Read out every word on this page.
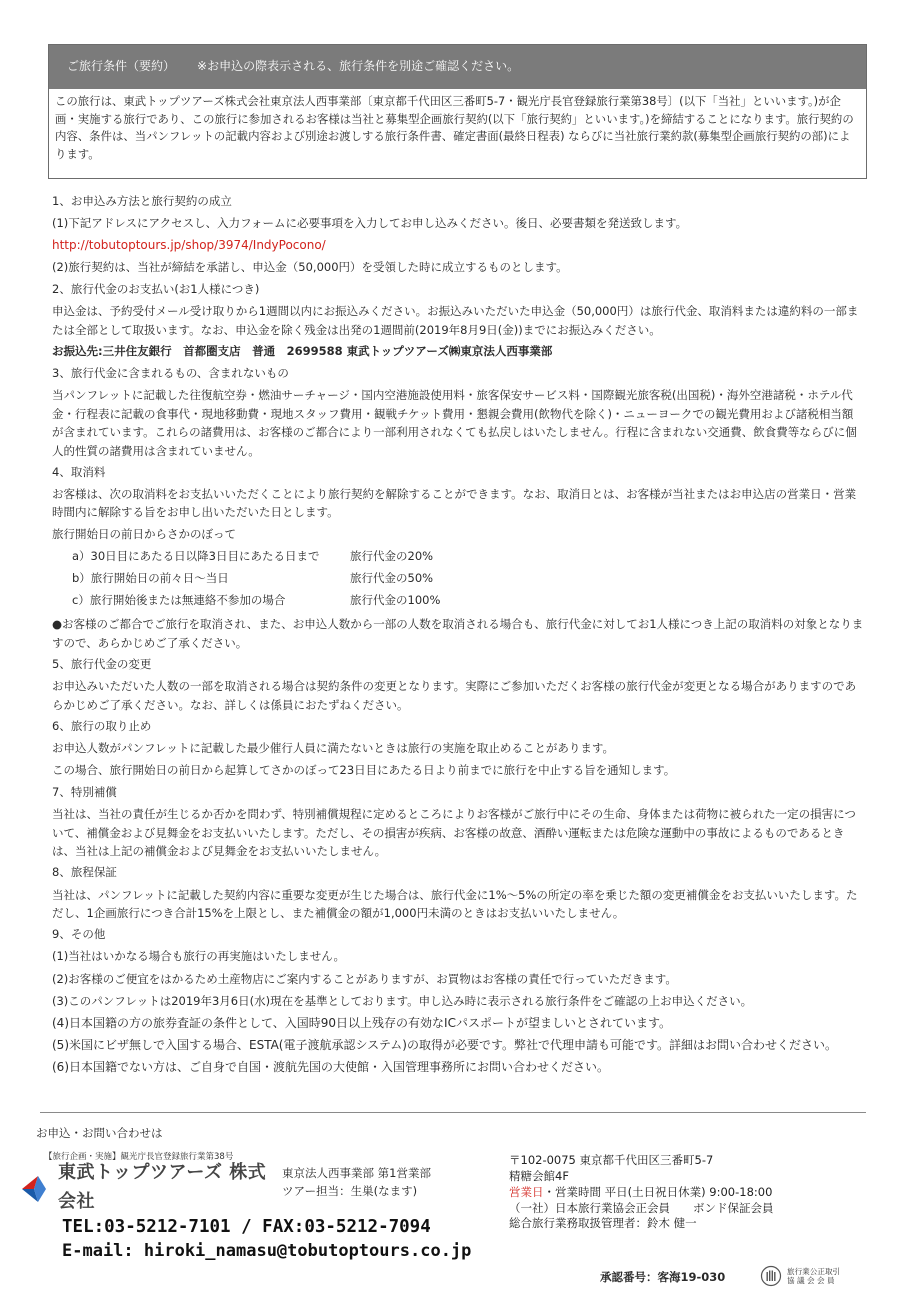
ご旅行条件（要約） ※お申込の際表示される、旅行条件を別途ご確認ください。

この旅行は、東武トップツアーズ株式会社東京法人西事業部〔東京都千代田区三番町5-7・観光庁長官登録旅行業第38号〕(以下「当社」といいます。)が企画・実施する旅行であり、この旅行に参加されるお客様は当社と募集型企画旅行契約(以下「旅行契約」といいます。)を締結することになります。旅行契約の内容、条件は、当パンフレットの記載内容および別途お渡しする旅行条件書、確定書面(最終日程表) ならびに当社旅行業約款(募集型企画旅行契約の部)によります。

1、お申込み方法と旅行契約の成立
(1)下記アドレスにアクセスし、入力フォームに必要事項を入力してお申し込みください。後日、必要書類を発送致します。
http://tobutoptours.jp/shop/3974/IndyPocono/
(2)旅行契約は、当社が締結を承諾し、申込金（50,000円）を受領した時に成立するものとします。
2、旅行代金のお支払い(お1人様につき)
申込金は、予約受付メール受け取りから1週間以内にお振込みください。お振込みいただいた申込金（50,000円）は旅行代金、取消料または違約料の一部または全部として取扱います。なお、申込金を除く残金は出発の1週間前(2019年8月9日(金))までにお振込みください。
お振込先:三井住友銀行　首都圏支店　普通　2699588 東武トップツアーズ㈱東京法人西事業部
3、旅行代金に含まれるもの、含まれないもの
当パンフレットに記載した往復航空券・燃油サーチャージ・国内空港施設使用料・旅客保安サービス料・国際観光旅客税(出国税)・海外空港諸税・ホテル代金・行程表に記載の食事代・現地移動費・現地スタッフ費用・観戦チケット費用・懇親会費用(飲物代を除く)・ニューヨークでの観光費用および諸税相当額が含まれています。これらの諸費用は、お客様のご都合により一部利用されなくても払戻しはいたしません。行程に含まれない交通費、飲食費等ならびに個人的性質の諸費用は含まれていません。
4、取消料
お客様は、次の取消料をお支払いいただくことにより旅行契約を解除することができます。なお、取消日とは、お客様が当社またはお申込店の営業日・営業時間内に解除する旨をお申し出いただいた日とします。
旅行開始日の前日からさかのぼって
a）30日目にあたる日以降3日目にあたる日まで	旅行代金の20%
b）旅行開始日の前々日～当日	旅行代金の50%
c）旅行開始後または無連絡不参加の場合	旅行代金の100%
●お客様のご都合でご旅行を取消され、また、お申込人数から一部の人数を取消される場合も、旅行代金に対してお1人様につき上記の取消料の対象となりますので、あらかじめご了承ください。
5、旅行代金の変更
お申込みいただいた人数の一部を取消される場合は契約条件の変更となります。実際にご参加いただくお客様の旅行代金が変更となる場合がありますのであらかじめご了承ください。なお、詳しくは係員におたずねください。
6、旅行の取り止め
お申込人数がパンフレットに記載した最少催行人員に満たないときは旅行の実施を取止めることがあります。
この場合、旅行開始日の前日から起算してさかのぼって23日目にあたる日より前までに旅行を中止する旨を通知します。
7、特別補償
当社は、当社の責任が生じるか否かを問わず、特別補償規程に定めるところによりお客様がご旅行中にその生命、身体または荷物に被られた一定の損害について、補償金および見舞金をお支払いいたします。ただし、その損害が疾病、お客様の故意、酒酔い運転または危険な運動中の事故によるものであるときは、当社は上記の補償金および見舞金をお支払いいたしません。
8、旅程保証
当社は、パンフレットに記載した契約内容に重要な変更が生じた場合は、旅行代金に1%～5%の所定の率を乗じた額の変更補償金をお支払いいたします。ただし、1企画旅行につき合計15%を上限とし、また補償金の額が1,000円未満のときはお支払いいたしません。
9、その他
(1)当社はいかなる場合も旅行の再実施はいたしません。
(2)お客様のご便宜をはかるため土産物店にご案内することがありますが、お買物はお客様の責任で行っていただきます。
(3)このパンフレットは2019年3月6日(水)現在を基準としております。申し込み時に表示される旅行条件をご確認の上お申込ください。
(4)日本国籍の方の旅券査証の条件として、入国時90日以上残存の有効なICパスポートが望ましいとされています。
(5)米国にビザ無しで入国する場合、ESTA(電子渡航承認システム)の取得が必要です。弊社で代理申請も可能です。詳細はお問い合わせください。
(6)日本国籍でない方は、ご自身で自国・渡航先国の大使館・入国管理事務所にお問い合わせください。
お申込・お問い合わせは
【旅行企画・実施】観光庁長官登録旅行業第38号
東武トップツアーズ 株式会社
東京法人西事業部 第1営業部
ツアー担当：生巣(なます)
TEL:03-5212-7101 / FAX:03-5212-7094
E-mail: hiroki_namasu@tobutoptours.co.jp
〒102-0075 東京都千代田区三番町5-7
精糖会館4F
営業日・営業時間 平日(土日祝日休業) 9:00-18:00
（一社）日本旅行業協会正会員　　ボンド保証会員
総合旅行業務取扱管理者：鈴木 健一
承認番号：客海19-030	旅行業公正取引
協 議 会 会 員
